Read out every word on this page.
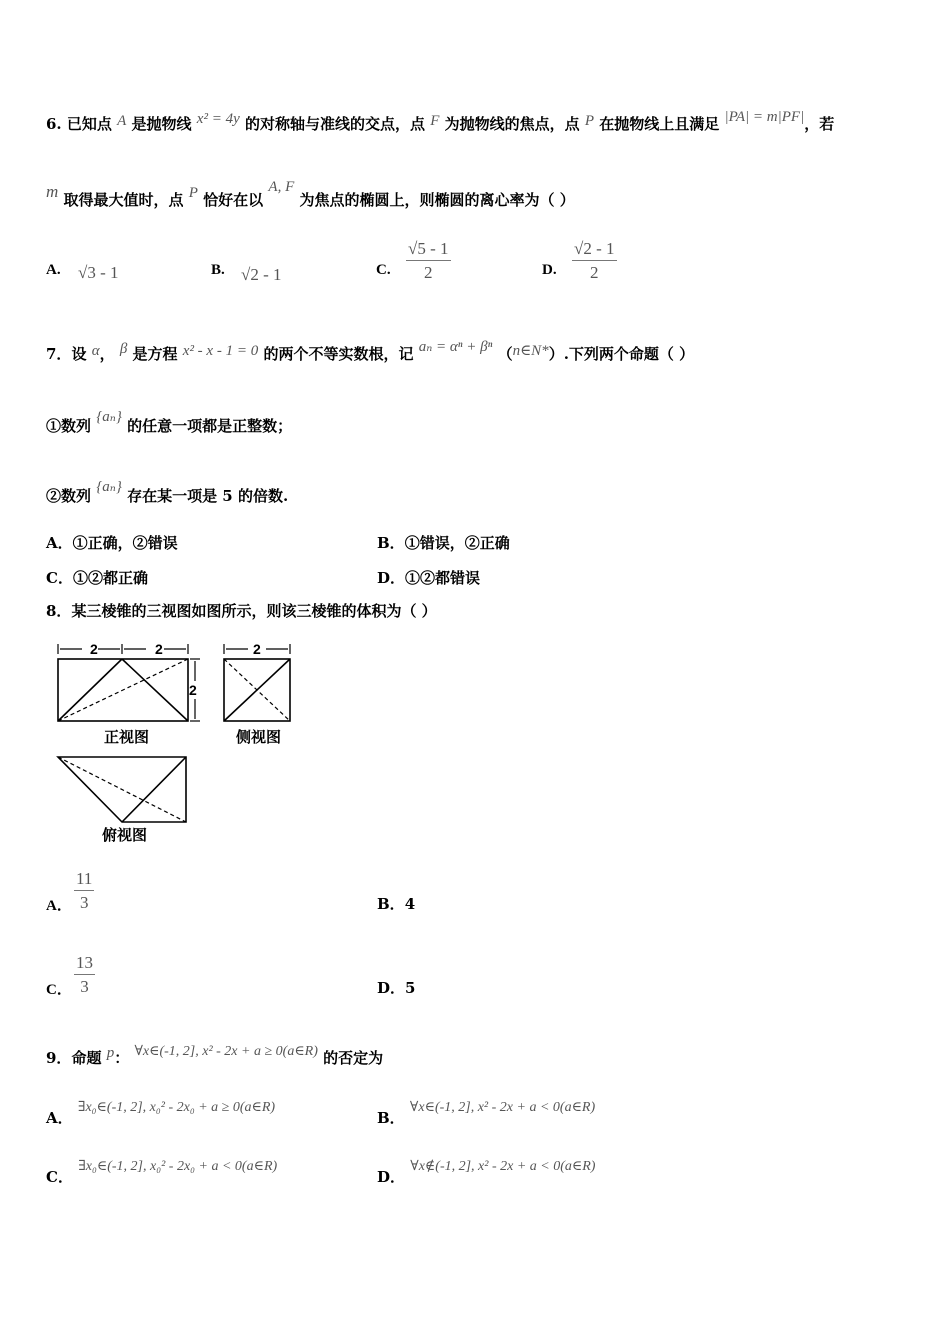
6. 已知点 A 是抛物线 x² = 4y 的对称轴与准线的交点，点 F 为抛物线的焦点，点 P 在抛物线上且满足 |PA| = m|PF|，若
m 取得最大值时，点 P 恰好在以 A, F 为焦点的椭圆上，则椭圆的离心率为（ ）
A. √3 - 1	B. √2 - 1	C. $\frac{√5 - 1}{2}$	D. $\frac{√2 - 1}{2}$
7．设 α， β 是方程 x² - x - 1 = 0 的两个不等实数根，记 aₙ = αⁿ + βⁿ （n∈N*）.下列两个命题（ ）
①数列 {aₙ} 的任意一项都是正整数；
②数列 {aₙ} 存在某一项是 5 的倍数.
A．①正确，②错误	B．①错误，②正确
C．①②都正确	D．①②都错误
8．某三棱锥的三视图如图所示，则该三棱锥的体积为（ ）
2	2
2
正视图
2
侧视图
俯视图
A． $\frac{11}{3}$	B．4
C． $\frac{13}{3}$	D．5
9．命题 p： ∀x∈(-1, 2], x² - 2x + a ≥ 0(a∈R) 的否定为
A． ∃x₀∈(-1, 2], x₀² - 2x₀ + a ≥ 0(a∈R)
B． ∀x∈(-1, 2], x² - 2x + a < 0(a∈R)
C． ∃x₀∈(-1, 2], x₀² - 2x₀ + a < 0(a∈R)
D． ∀x∉(-1, 2], x² - 2x + a < 0(a∈R)
